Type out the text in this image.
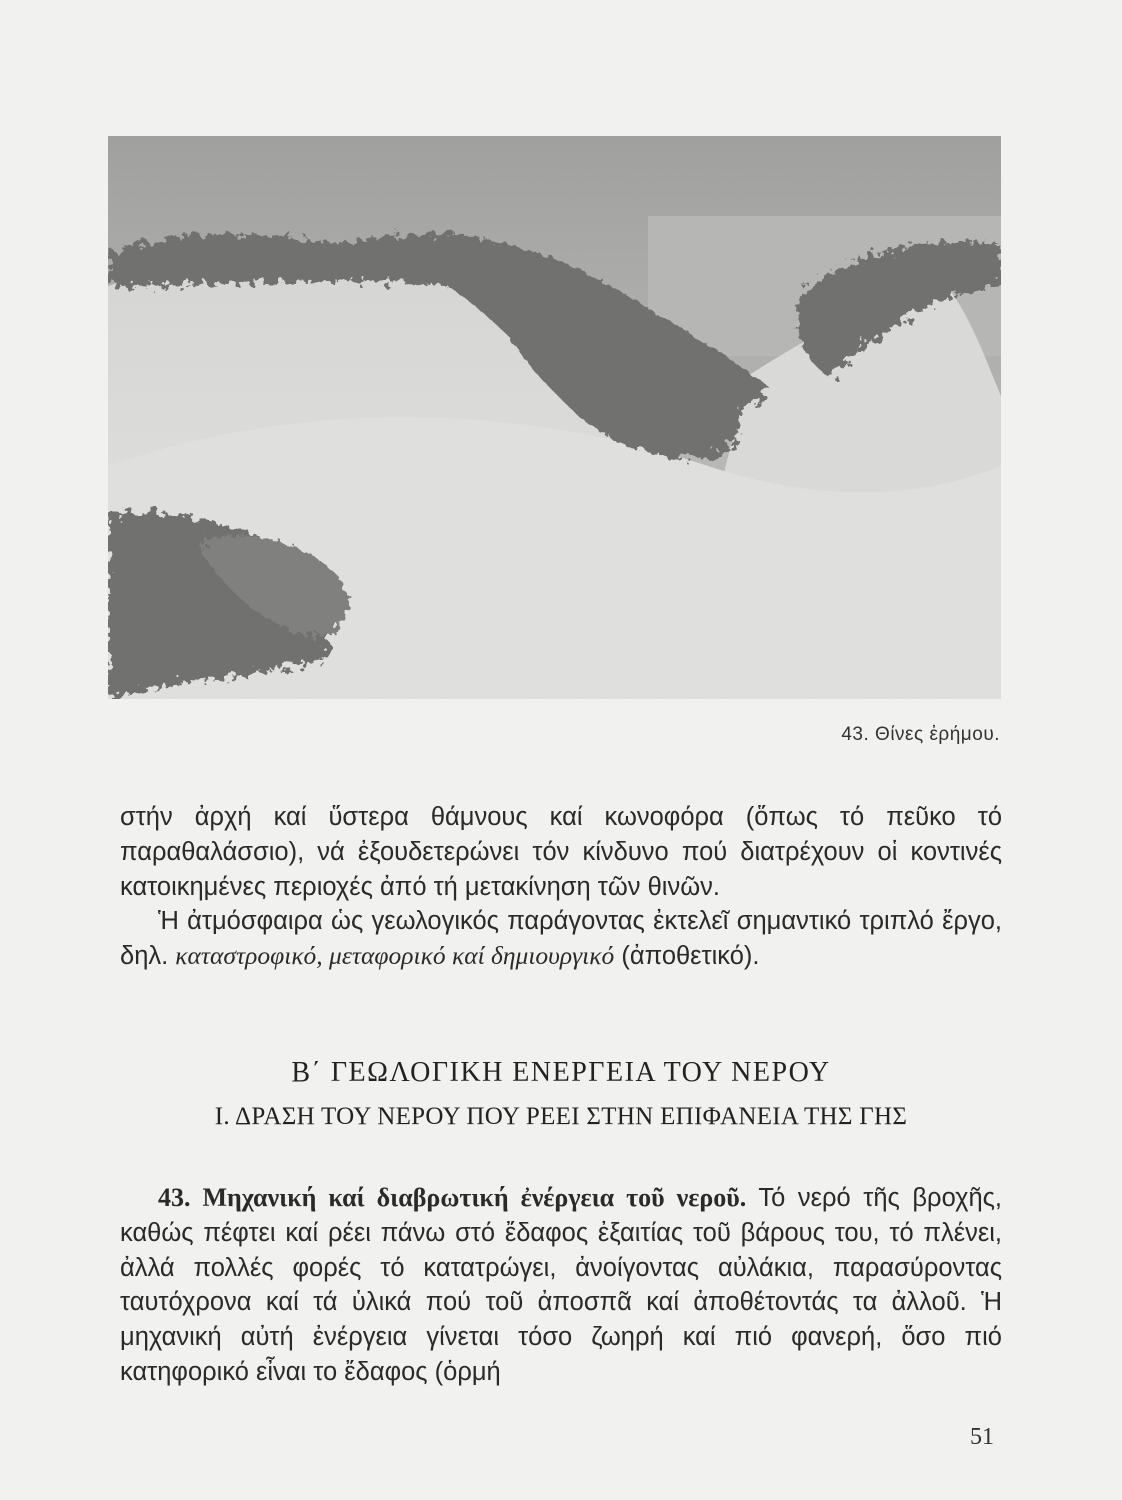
43. Θίνες ἐρήμου.

στήν ἀρχή καί ὕστερα θάμνους καί κωνοφόρα (ὅπως τό πεῦκο τό παραθαλάσσιο), νά ἐξουδετερώνει τόν κίνδυνο πού διατρέχουν οἱ κοντινές κατοικημένες περιοχές ἀπό τή μετακίνηση τῶν θινῶν.

Ἡ ἀτμόσφαιρα ὡς γεωλογικός παράγοντας ἐκτελεῖ σημαντικό τριπλό ἔργο, δηλ. καταστροφικό, μεταφορικό καί δημιουργικό (ἀποθετικό).

Β΄ ΓΕΩΛΟΓΙΚΗ ΕΝΕΡΓΕΙΑ ΤΟΥ ΝΕΡΟΥ
Ι. ΔΡΑΣΗ ΤΟΥ ΝΕΡΟΥ ΠΟΥ ΡΕΕΙ ΣΤΗΝ ΕΠΙΦΑΝΕΙΑ ΤΗΣ ΓΗΣ

43. Μηχανική καί διαβρωτική ἐνέργεια τοῦ νεροῦ. Τό νερό τῆς βροχῆς, καθώς πέφτει καί ρέει πάνω στό ἔδαφος ἐξαιτίας τοῦ βάρους του, τό πλένει, ἀλλά πολλές φορές τό κατατρώγει, ἀνοίγοντας αὐλάκια, παρασύροντας ταυτόχρονα καί τά ὑλικά πού τοῦ ἀποσπᾶ καί ἀποθέτοντάς τα ἀλλοῦ. Ἡ μηχανική αὐτή ἐνέργεια γίνεται τόσο ζωηρή καί πιό φανερή, ὅσο πιό κατηφορικό εἶναι το ἔδαφος (ὁρμή

51
